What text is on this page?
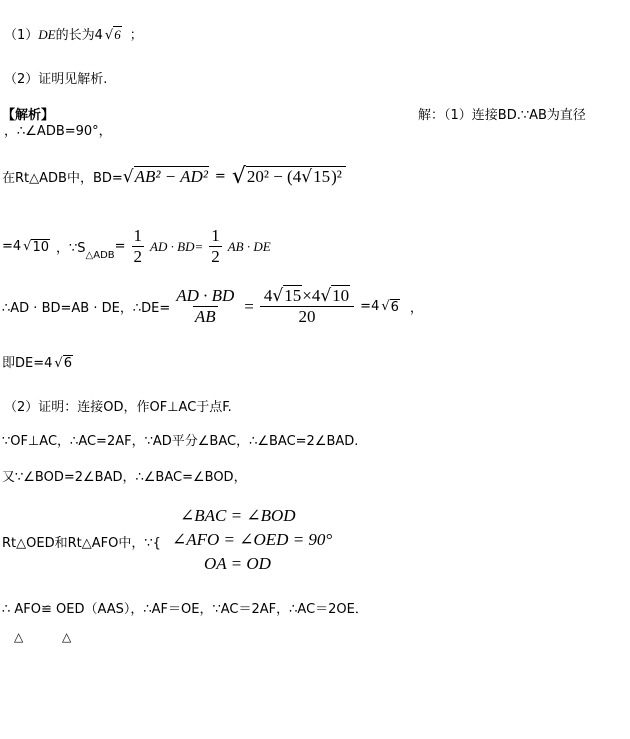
（1）DE的长为4 √6 ；
（2）证明见解析.
【解析】	解：（1）连接BD.∵AB为直径
，∴∠ADB=90°，
在Rt△ADB中，BD= √ AB² − AD² = √ 20² − (4√15)²
=4 √ 10 ，∵S △ADB
= $\frac{1}{2}$ AD · $BD= \frac{1}{2}$ AB · DE
∴AD · BD=AB · DE，∴DE= $\frac{AD \cdot BD}{AB} = \frac{4√15\times 4√10}{20} =4$ √ 6 ，
即DE=4 √6
（2）证明：连接OD，作OF⊥AC于点F.
∵OF⊥AC，∴AC=2AF，∵AD平分∠BAC，∴∠BAC=2∠BAD.
又∵∠BOD=2∠BAD，∴∠BAC=∠BOD，
∠BAC = ∠BOD
Rt△OED和Rt△AFO中，∵{ ∠AFO = ∠OED = 90°
OA = OD
∴ AFO≌ OED（AAS），∴AF＝OE，∵AC＝2AF，∴AC＝2OE．
△	△
